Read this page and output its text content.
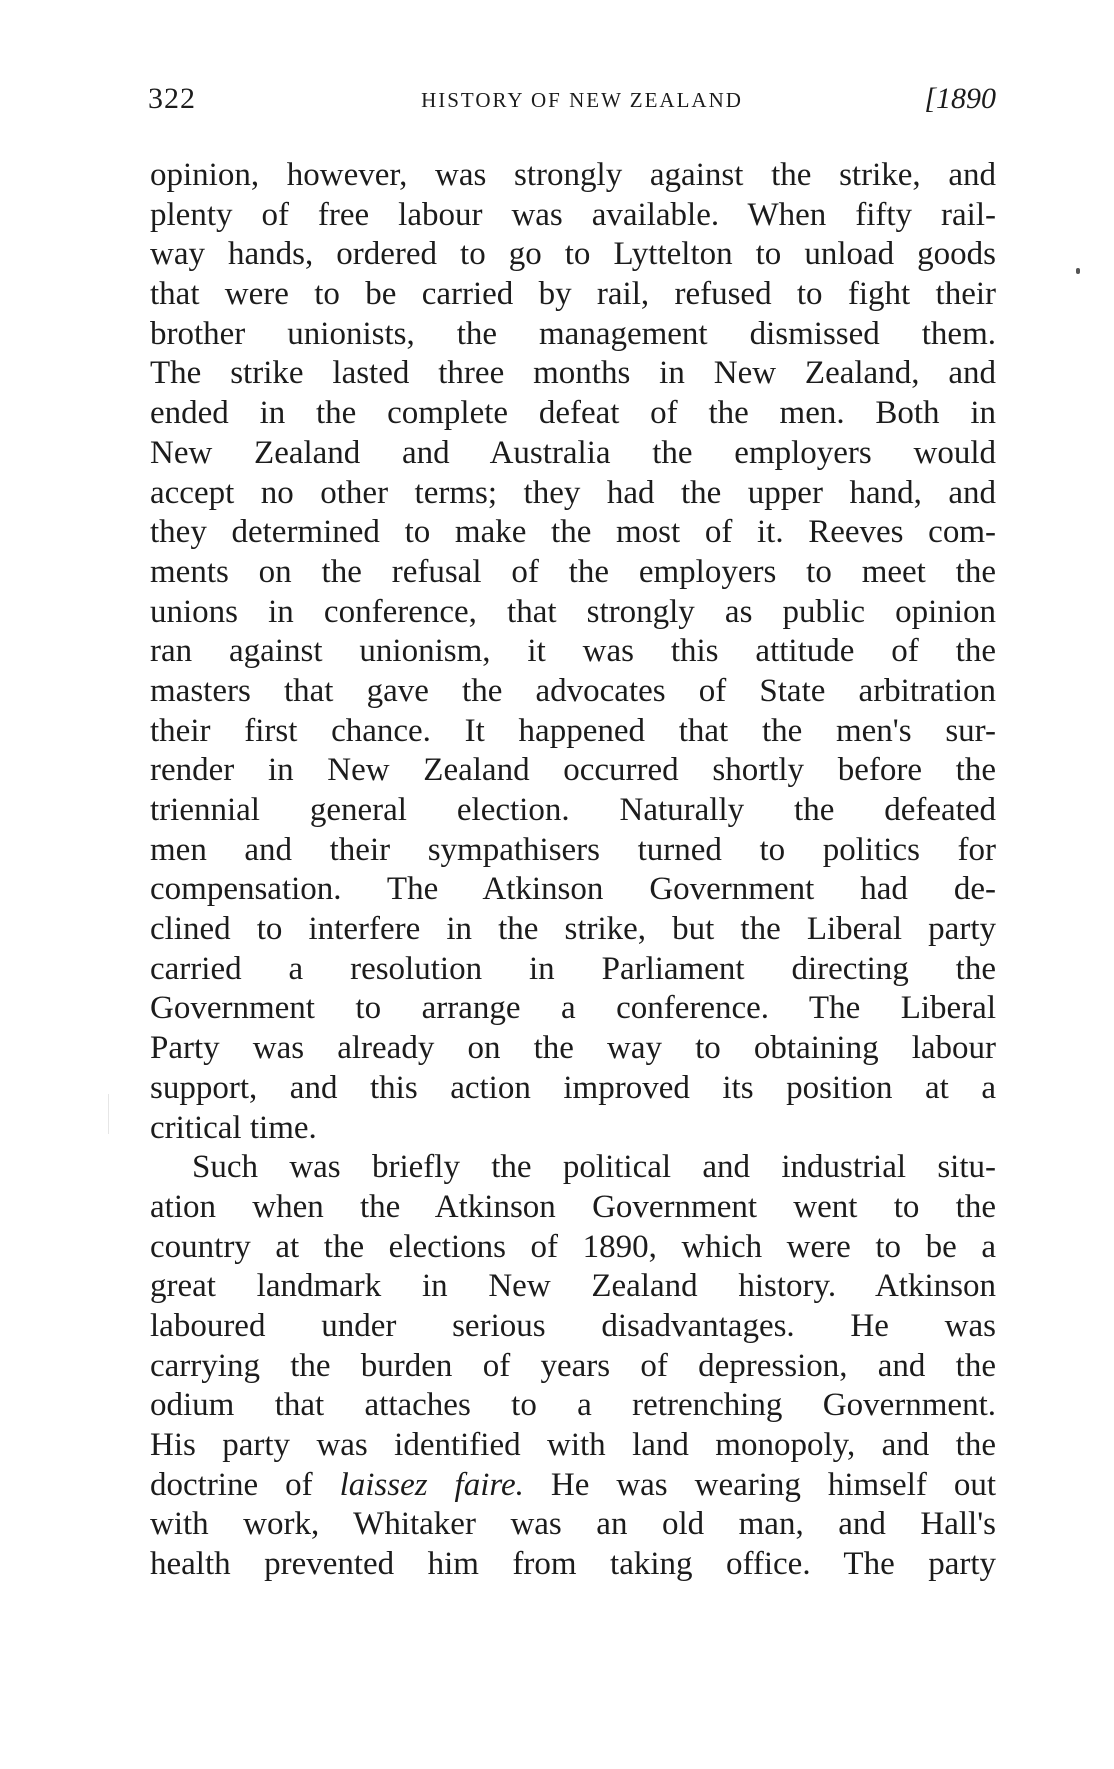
322	HISTORY OF NEW ZEALAND	[1890
opinion, however, was strongly against the strike, and
plenty of free labour was available. When fifty rail-
way hands, ordered to go to Lyttelton to unload goods
that were to be carried by rail, refused to fight their
brother unionists, the management dismissed them.
The strike lasted three months in New Zealand, and
ended in the complete defeat of the men. Both in
New Zealand and Australia the employers would
accept no other terms; they had the upper hand, and
they determined to make the most of it. Reeves com-
ments on the refusal of the employers to meet the
unions in conference, that strongly as public opinion
ran against unionism, it was this attitude of the
masters that gave the advocates of State arbitration
their first chance. It happened that the men's sur-
render in New Zealand occurred shortly before the
triennial general election. Naturally the defeated
men and their sympathisers turned to politics for
compensation. The Atkinson Government had de-
clined to interfere in the strike, but the Liberal party
carried a resolution in Parliament directing the
Government to arrange a conference. The Liberal
Party was already on the way to obtaining labour
support, and this action improved its position at a
critical time.
Such was briefly the political and industrial situ-
ation when the Atkinson Government went to the
country at the elections of 1890, which were to be a
great landmark in New Zealand history. Atkinson
laboured under serious disadvantages. He was
carrying the burden of years of depression, and the
odium that attaches to a retrenching Government.
His party was identified with land monopoly, and the
doctrine of laissez faire. He was wearing himself out
with work, Whitaker was an old man, and Hall's
health prevented him from taking office. The party
